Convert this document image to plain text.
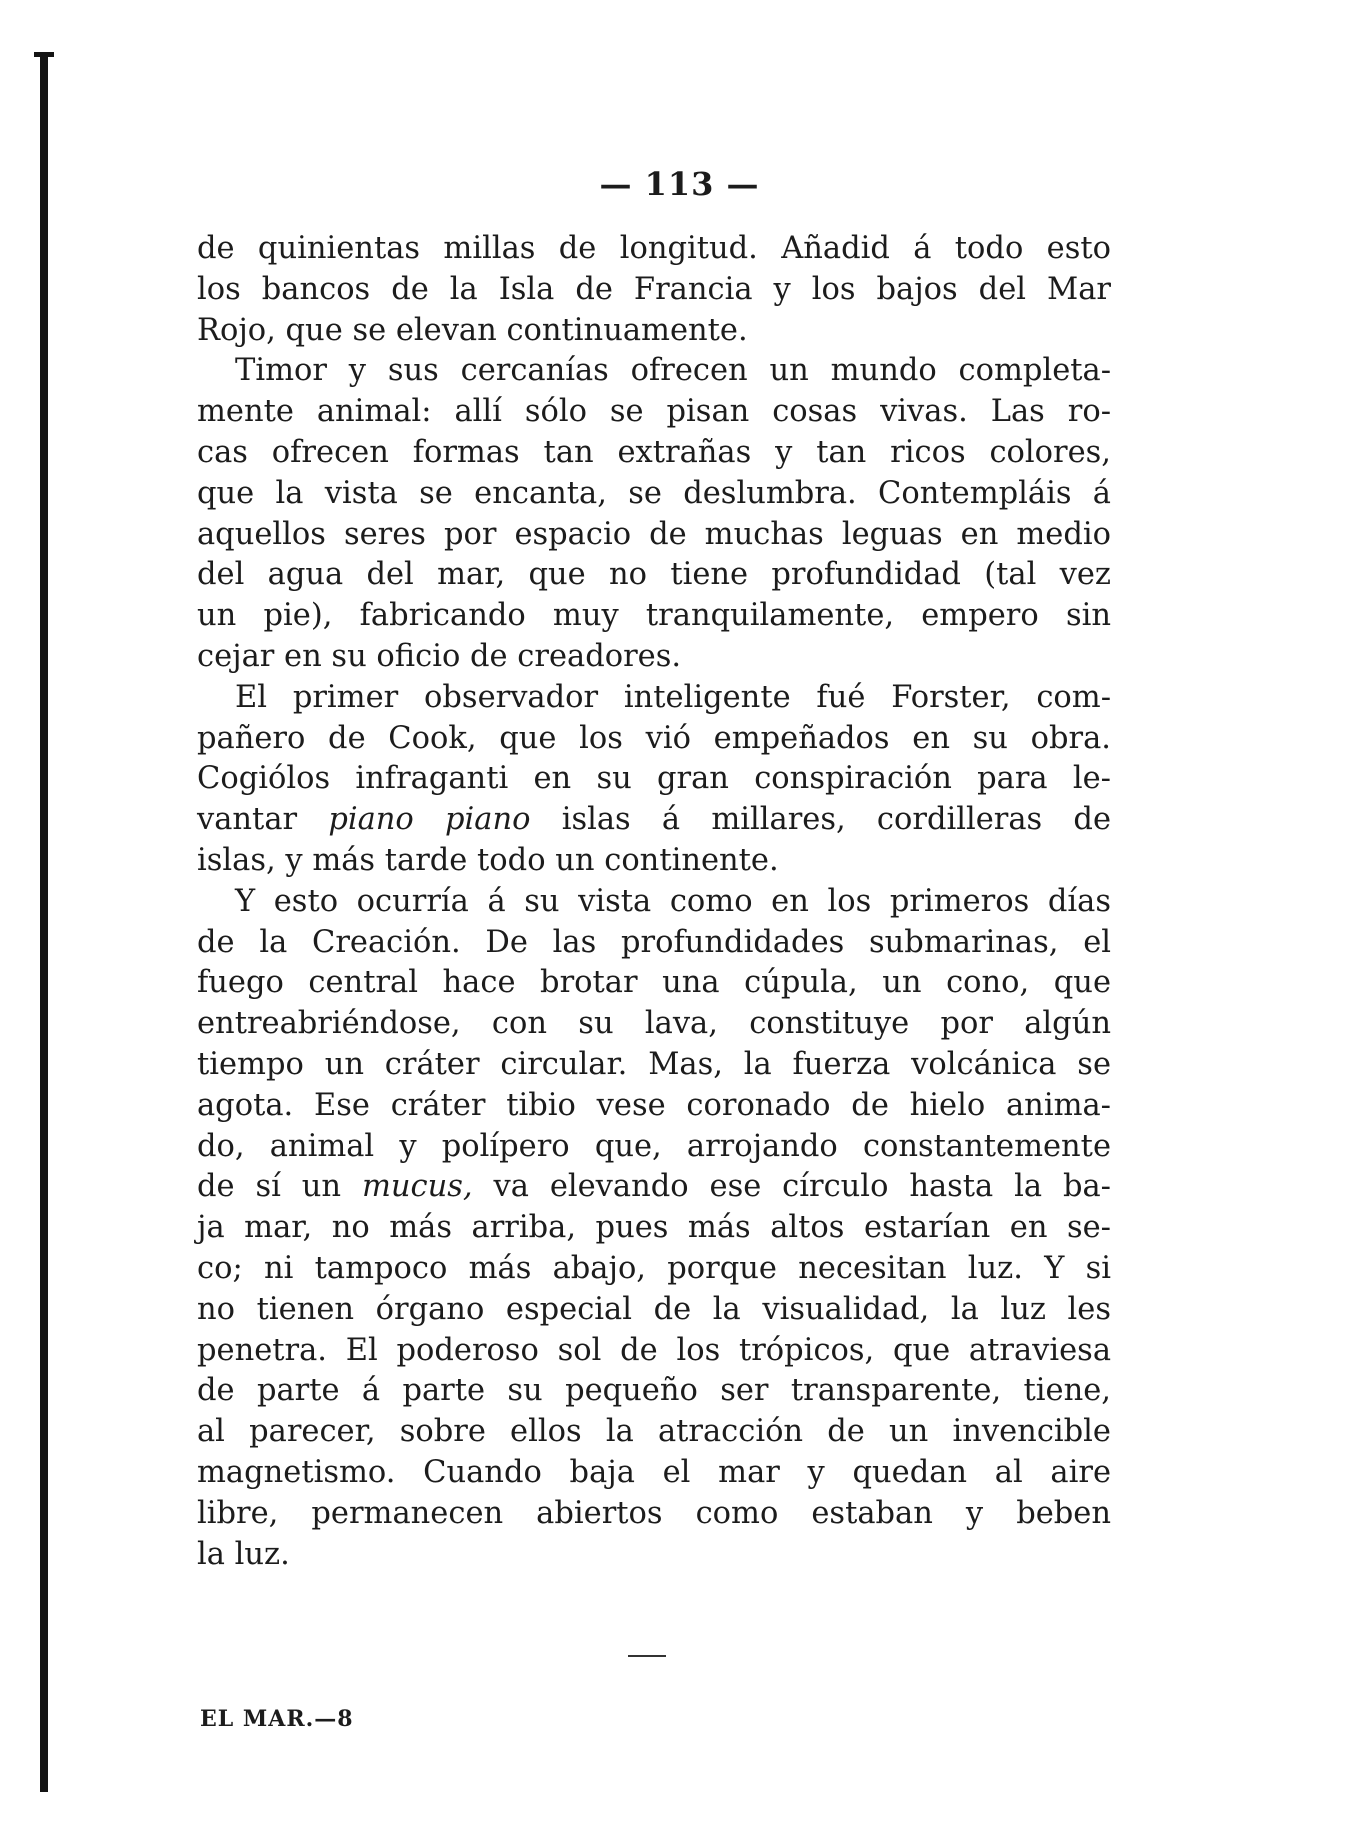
— 113 —
de quinientas millas de longitud. Añadid á todo esto
los bancos de la Isla de Francia y los bajos del Mar
Rojo, que se elevan continuamente.
Timor y sus cercanías ofrecen un mundo completa-
mente animal: allí sólo se pisan cosas vivas. Las ro-
cas ofrecen formas tan extrañas y tan ricos colores,
que la vista se encanta, se deslumbra. Contempláis á
aquellos seres por espacio de muchas leguas en medio
del agua del mar, que no tiene profundidad (tal vez
un pie), fabricando muy tranquilamente, empero sin
cejar en su oficio de creadores.
El primer observador inteligente fué Forster, com-
pañero de Cook, que los vió empeñados en su obra.
Cogiólos infraganti en su gran conspiración para le-
vantar piano piano islas á millares, cordilleras de
islas, y más tarde todo un continente.
Y esto ocurría á su vista como en los primeros días
de la Creación. De las profundidades submarinas, el
fuego central hace brotar una cúpula, un cono, que
entreabriéndose, con su lava, constituye por algún
tiempo un cráter circular. Mas, la fuerza volcánica se
agota. Ese cráter tibio vese coronado de hielo anima-
do, animal y polípero que, arrojando constantemente
de sí un mucus, va elevando ese círculo hasta la ba-
ja mar, no más arriba, pues más altos estarían en se-
co; ni tampoco más abajo, porque necesitan luz. Y si
no tienen órgano especial de la visualidad, la luz les
penetra. El poderoso sol de los trópicos, que atraviesa
de parte á parte su pequeño ser transparente, tiene,
al parecer, sobre ellos la atracción de un invencible
magnetismo. Cuando baja el mar y quedan al aire
libre, permanecen abiertos como estaban y beben
la luz.
EL MAR.—8
